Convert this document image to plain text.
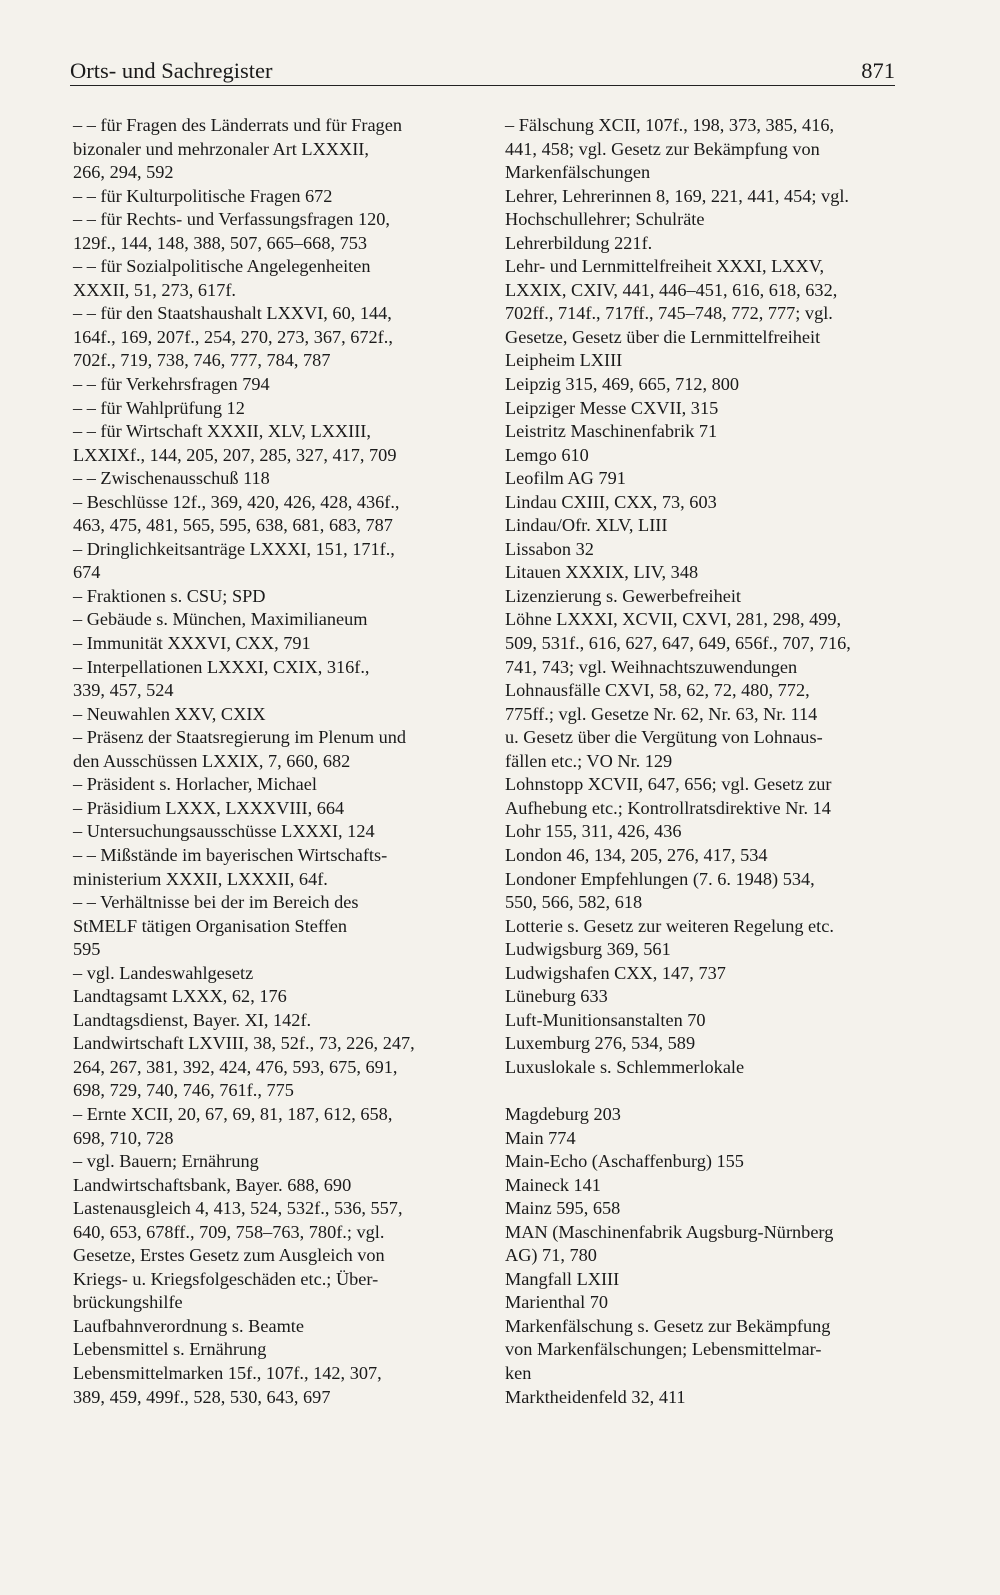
Orts- und Sachregister	871
– – für Fragen des Länderrats und für Fragen
bizonaler und mehrzonaler Art LXXXII,
266, 294, 592
– – für Kulturpolitische Fragen 672
– – für Rechts- und Verfassungsfragen 120,
129f., 144, 148, 388, 507, 665–668, 753
– – für Sozialpolitische Angelegenheiten
XXXII, 51, 273, 617f.
– – für den Staatshaushalt LXXVI, 60, 144,
164f., 169, 207f., 254, 270, 273, 367, 672f.,
702f., 719, 738, 746, 777, 784, 787
– – für Verkehrsfragen 794
– – für Wahlprüfung 12
– – für Wirtschaft XXXII, XLV, LXXIII,
LXXIXf., 144, 205, 207, 285, 327, 417, 709
– – Zwischenausschuß 118
– Beschlüsse 12f., 369, 420, 426, 428, 436f.,
463, 475, 481, 565, 595, 638, 681, 683, 787
– Dringlichkeitsanträge LXXXI, 151, 171f.,
674
– Fraktionen s. CSU; SPD
– Gebäude s. München, Maximilianeum
– Immunität XXXVI, CXX, 791
– Interpellationen LXXXI, CXIX, 316f.,
339, 457, 524
– Neuwahlen XXV, CXIX
– Präsenz der Staatsregierung im Plenum und
den Ausschüssen LXXIX, 7, 660, 682
– Präsident s. Horlacher, Michael
– Präsidium LXXX, LXXXVIII, 664
– Untersuchungsausschüsse LXXXI, 124
– – Mißstände im bayerischen Wirtschafts-
ministerium XXXII, LXXXII, 64f.
– – Verhältnisse bei der im Bereich des
StMELF tätigen Organisation Steffen
595
– vgl. Landeswahlgesetz
Landtagsamt LXXX, 62, 176
Landtagsdienst, Bayer. XI, 142f.
Landwirtschaft LXVIII, 38, 52f., 73, 226, 247,
264, 267, 381, 392, 424, 476, 593, 675, 691,
698, 729, 740, 746, 761f., 775
– Ernte XCII, 20, 67, 69, 81, 187, 612, 658,
698, 710, 728
– vgl. Bauern; Ernährung
Landwirtschaftsbank, Bayer. 688, 690
Lastenausgleich 4, 413, 524, 532f., 536, 557,
640, 653, 678ff., 709, 758–763, 780f.; vgl.
Gesetze, Erstes Gesetz zum Ausgleich von
Kriegs- u. Kriegsfolgeschäden etc.; Über-
brückungshilfe
Laufbahnverordnung s. Beamte
Lebensmittel s. Ernährung
Lebensmittelmarken 15f., 107f., 142, 307,
389, 459, 499f., 528, 530, 643, 697
– Fälschung XCII, 107f., 198, 373, 385, 416,
441, 458; vgl. Gesetz zur Bekämpfung von
Markenfälschungen
Lehrer, Lehrerinnen 8, 169, 221, 441, 454; vgl.
Hochschullehrer; Schulräte
Lehrerbildung 221f.
Lehr- und Lernmittelfreiheit XXXI, LXXV,
LXXIX, CXIV, 441, 446–451, 616, 618, 632,
702ff., 714f., 717ff., 745–748, 772, 777; vgl.
Gesetze, Gesetz über die Lernmittelfreiheit
Leipheim LXIII
Leipzig 315, 469, 665, 712, 800
Leipziger Messe CXVII, 315
Leistritz Maschinenfabrik 71
Lemgo 610
Leofilm AG 791
Lindau CXIII, CXX, 73, 603
Lindau/Ofr. XLV, LIII
Lissabon 32
Litauen XXXIX, LIV, 348
Lizenzierung s. Gewerbefreiheit
Löhne LXXXI, XCVII, CXVI, 281, 298, 499,
509, 531f., 616, 627, 647, 649, 656f., 707, 716,
741, 743; vgl. Weihnachtszuwendungen
Lohnausfälle CXVI, 58, 62, 72, 480, 772,
775ff.; vgl. Gesetze Nr. 62, Nr. 63, Nr. 114
u. Gesetz über die Vergütung von Lohnaus-
fällen etc.; VO Nr. 129
Lohnstopp XCVII, 647, 656; vgl. Gesetz zur
Aufhebung etc.; Kontrollratsdirektive Nr. 14
Lohr 155, 311, 426, 436
London 46, 134, 205, 276, 417, 534
Londoner Empfehlungen (7. 6. 1948) 534,
550, 566, 582, 618
Lotterie s. Gesetz zur weiteren Regelung etc.
Ludwigsburg 369, 561
Ludwigshafen CXX, 147, 737
Lüneburg 633
Luft-Munitionsanstalten 70
Luxemburg 276, 534, 589
Luxuslokale s. Schlemmerlokale
Magdeburg 203
Main 774
Main-Echo (Aschaffenburg) 155
Maineck 141
Mainz 595, 658
MAN (Maschinenfabrik Augsburg-Nürnberg
AG) 71, 780
Mangfall LXIII
Marienthal 70
Markenfälschung s. Gesetz zur Bekämpfung
von Markenfälschungen; Lebensmittelmar-
ken
Marktheidenfeld 32, 411
